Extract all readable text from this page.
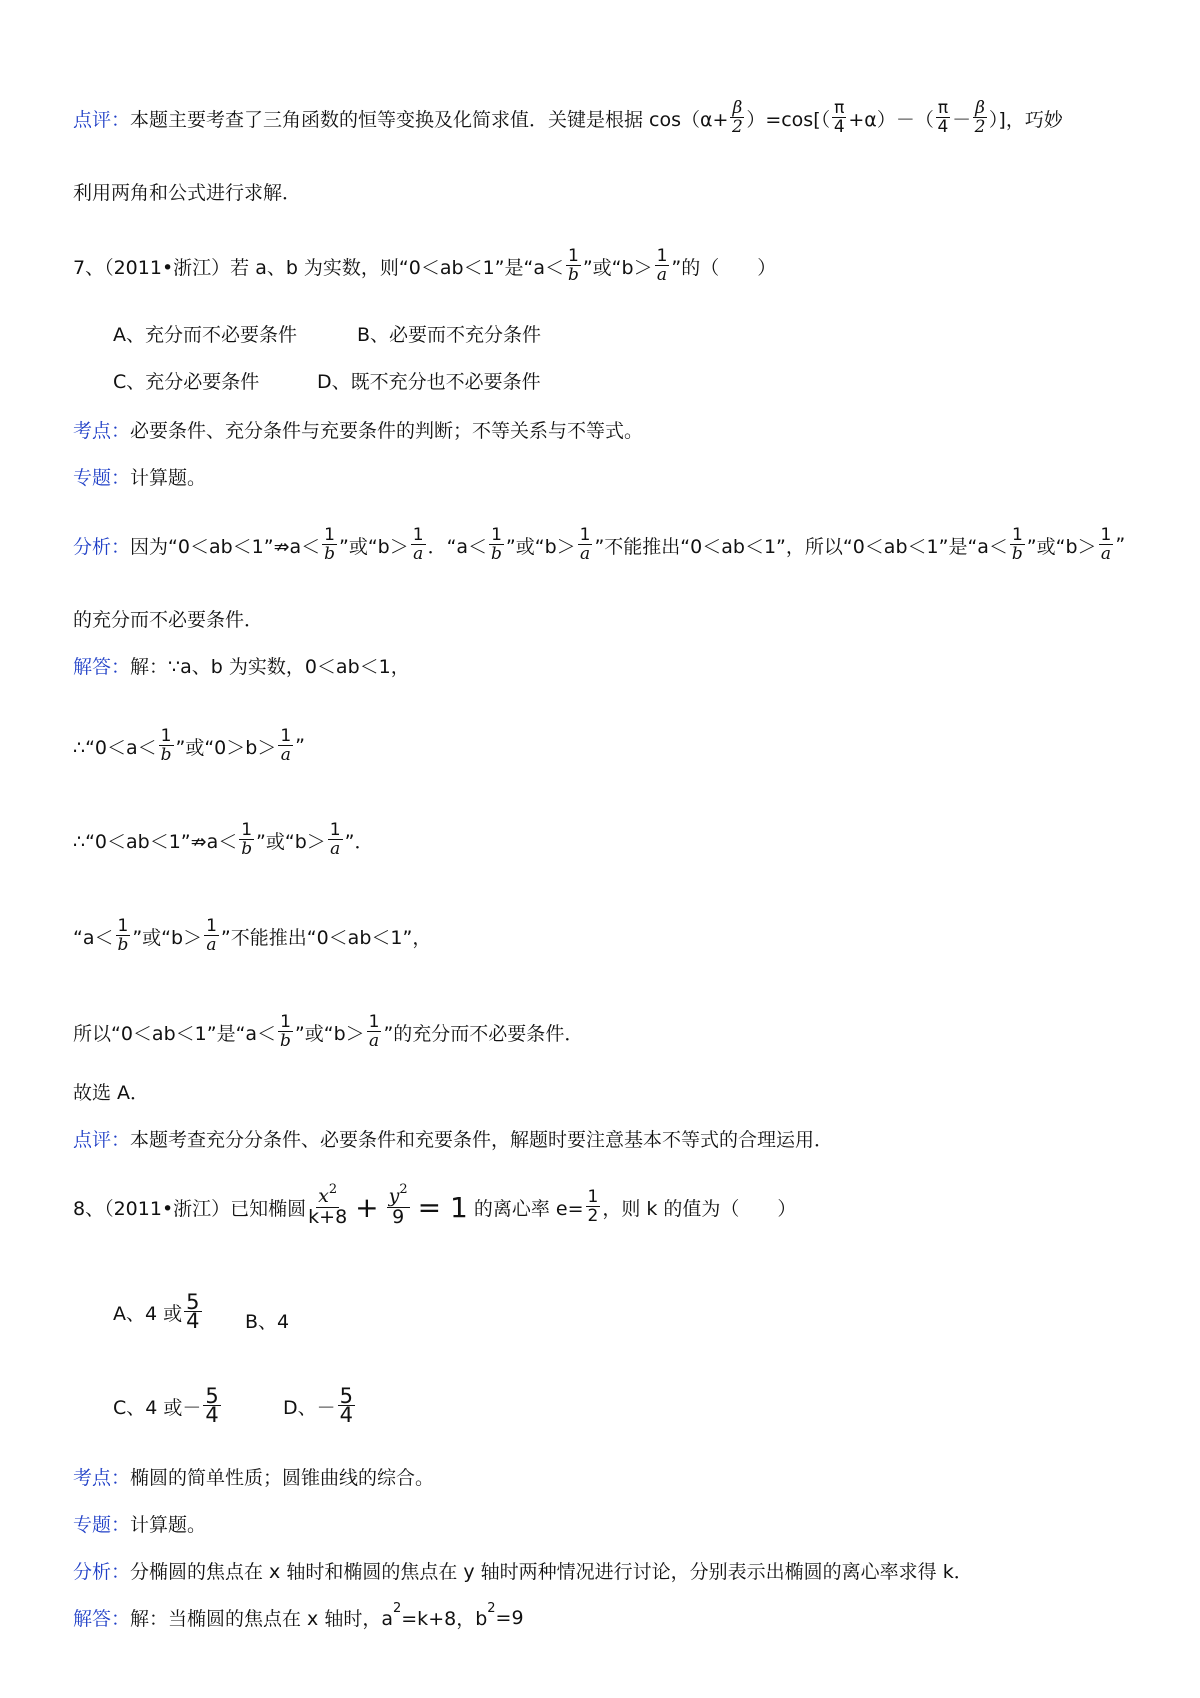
点评： 本题主要考查了三角函数的恒等变换及化简求值．关键是根据 $\cos(\alpha+ \frac{\beta}{2} )=\cos[( \frac{\pi}{4} +\alpha)-( \frac{\pi}{4} - \frac{\beta}{2}$ ）]，巧妙
利用两角和公式进行求解．
7、（2011•浙江）若 a、b 为实数，则“0＜ab＜1”是“$a< \frac{1}{b}$ ”或“$b> \frac{1}{a}$ ”的（　　）
A、充分而不必要条件	B、必要而不充分条件
C、充分必要条件	D、既不充分也不必要条件
考点： 必要条件、充分条件与充要条件的判断；不等关系与不等式。
专题： 计算题。
分析： 因为“0＜ab＜1”⇏a＜ $\frac{1}{b}$ ”或“$b> \frac{1}{a}$ ．“$a< \frac{1}{b}$ ”或“$b> \frac{1}{a}$ ”不能推出“0＜ab＜1”，所以“0＜ab＜1”是“$a< \frac{1}{b}$ ”或“$b> \frac{1}{a}$ ”
的充分而不必要条件．
解答： 解：∵a、b 为实数，0＜ab＜1，
∴“0＜a＜ $\frac{1}{b}$ ”或“$0>b> \frac{1}{a}$ ”
∴“0＜ab＜1”⇏a＜ $\frac{1}{b}$ ”或“$b> \frac{1}{a}$ ”．
“$a< \frac{1}{b}$ ”或“$b> \frac{1}{a}$ ”不能推出“0＜ab＜1”，
所以“0＜ab＜1”是“$a< \frac{1}{b}$ ”或“$b> \frac{1}{a}$ ”的充分而不必要条件．
故选 A．
点评： 本题考查充分分条件、必要条件和充要条件，解题时要注意基本不等式的合理运用．
8、（2011•浙江）已知椭圆 $\frac{x^2}{k+8} + \frac{y^2}{9} = 1$ 的离心率 $e= \frac{1}{2}$ ，则 k 的值为（　　）
A、4 或 $\frac{5}{4}$ B、4
C、4 或－ $\frac{5}{4}$	D、－ $\frac{5}{4}$
考点： 椭圆的简单性质；圆锥曲线的综合。
专题： 计算题。
分析： 分椭圆的焦点在 x 轴时和椭圆的焦点在 y 轴时两种情况进行讨论，分别表示出椭圆的离心率求得 k．
解答： 解：当椭圆的焦点在 x 轴时，a 2 =k+8，b 2 =9
